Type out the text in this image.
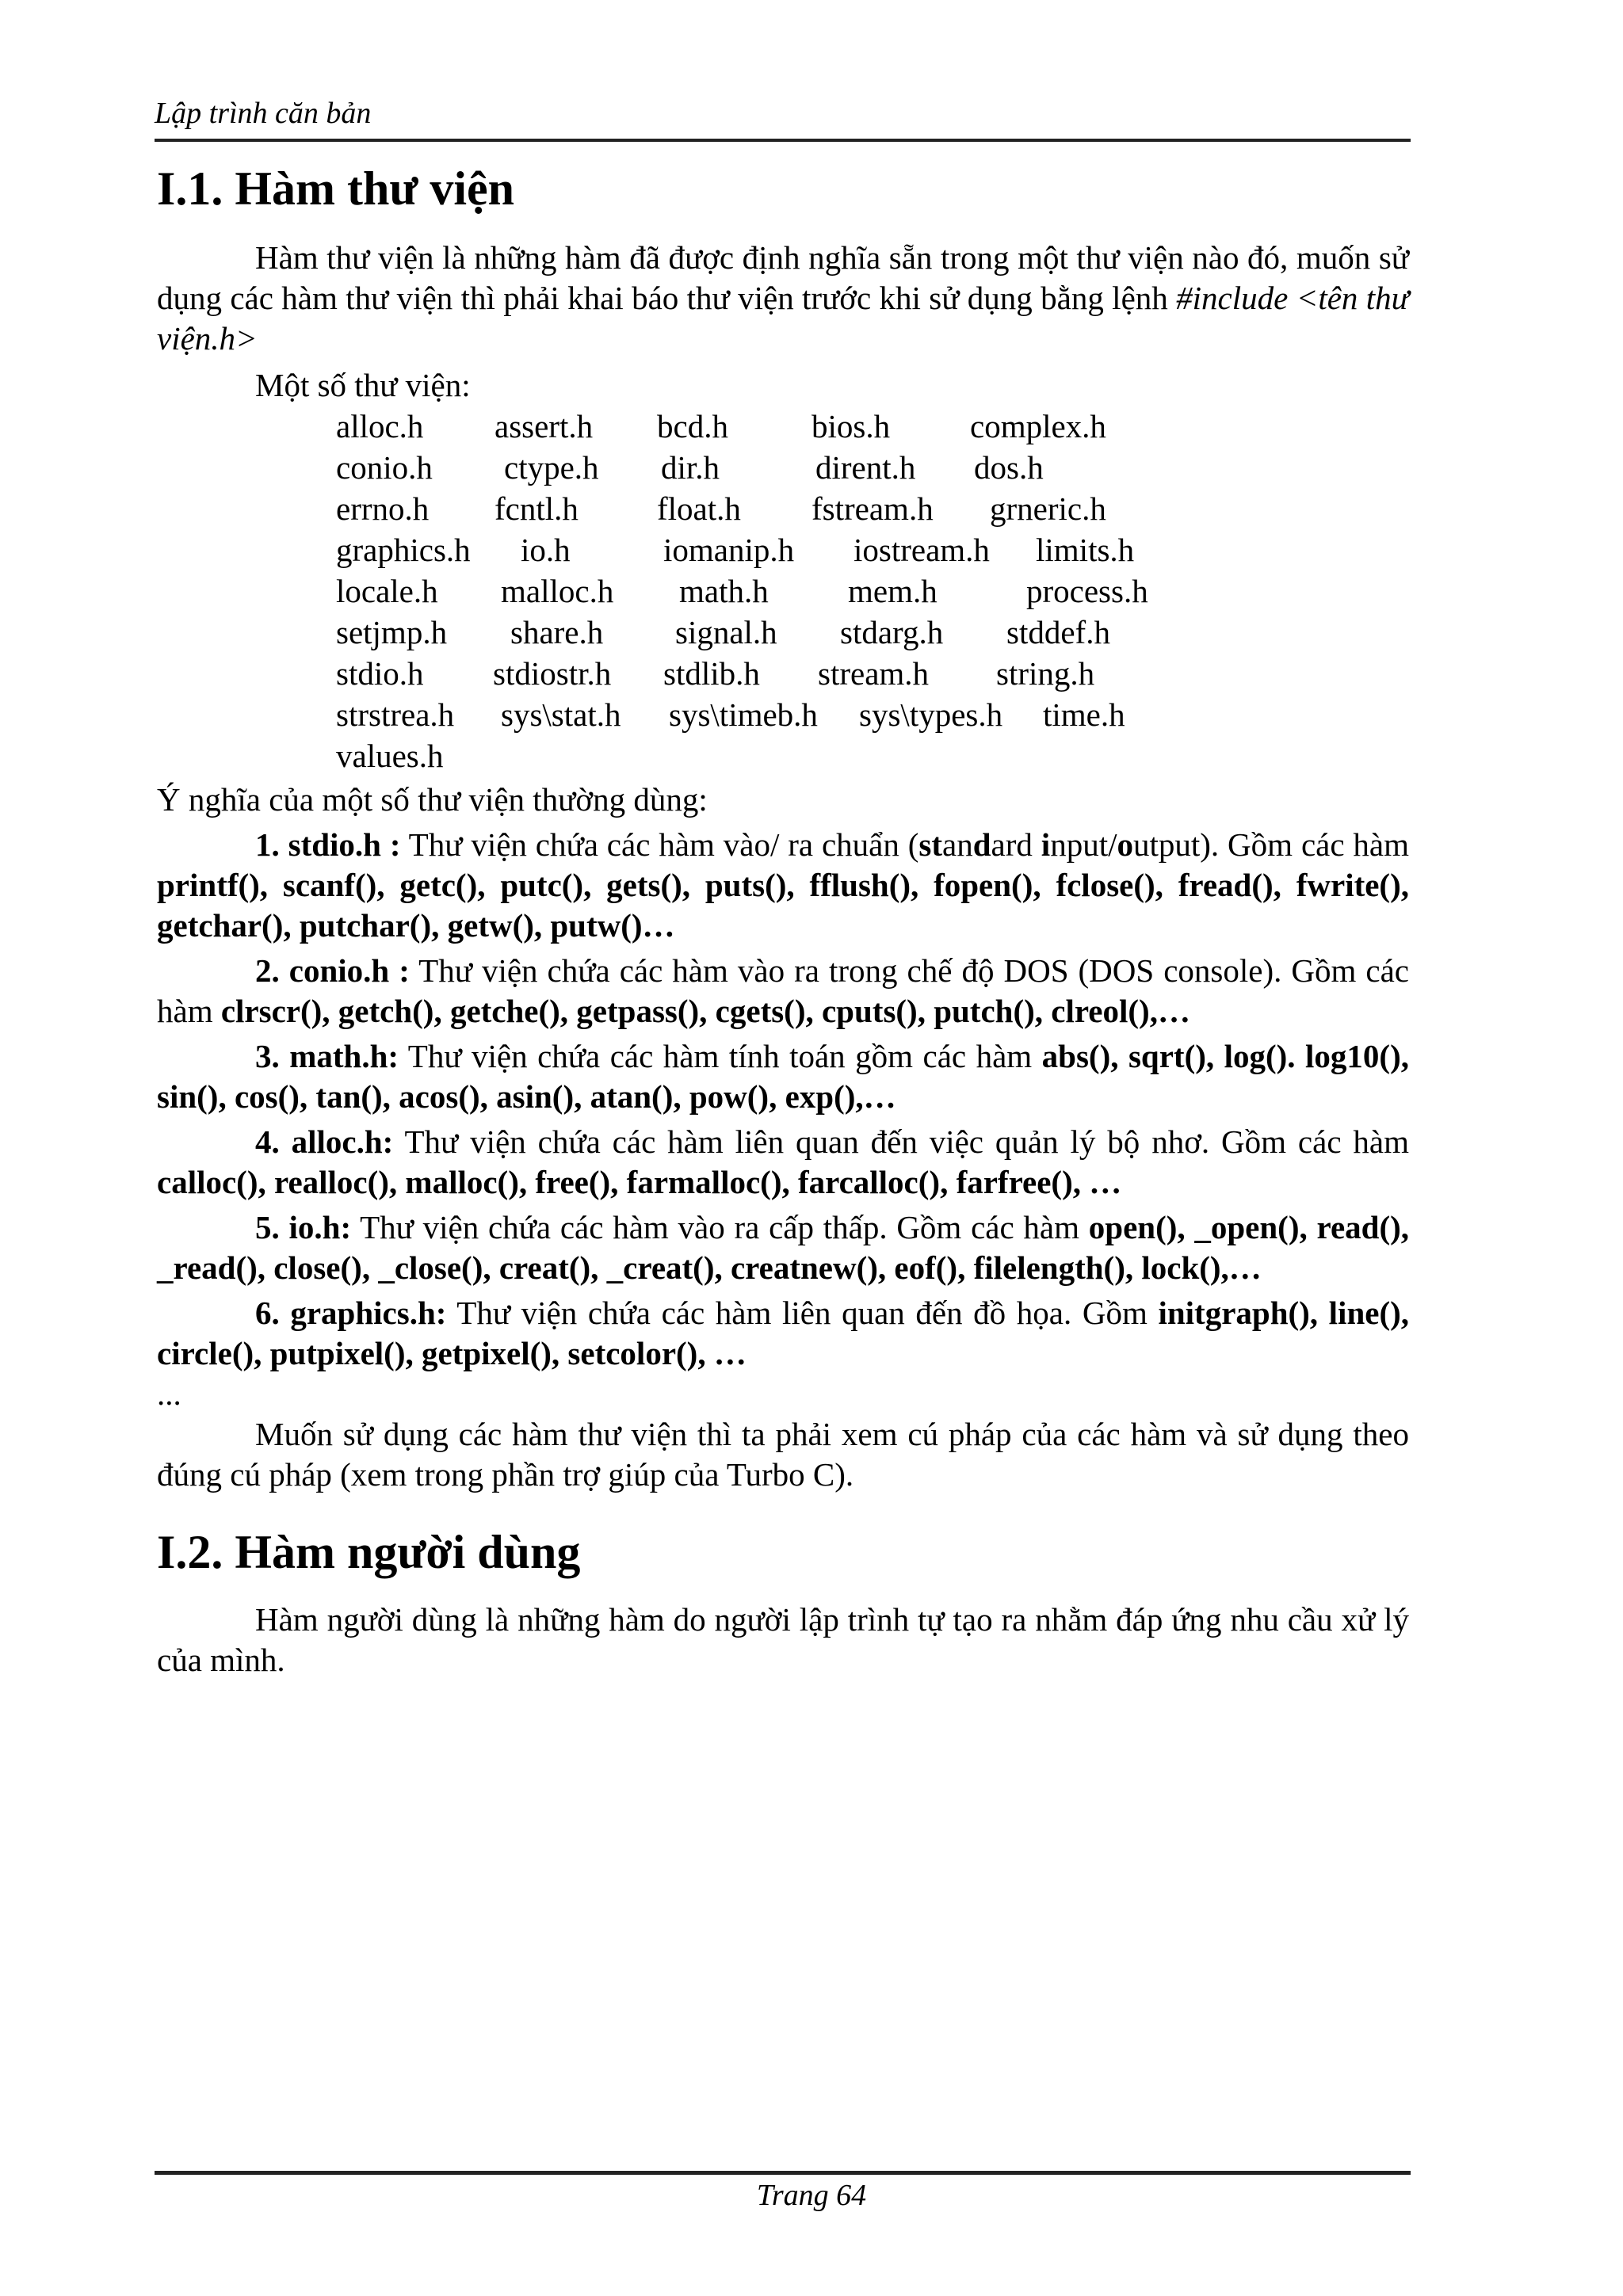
Lập trình căn bản
I.1. Hàm thư viện

Hàm thư viện là những hàm đã được định nghĩa sẵn trong một thư viện nào đó, muốn sử dụng các hàm thư viện thì phải khai báo thư viện trước khi sử dụng bằng lệnh #include <tên thư viện.h>

Một số thư viện:

alloc.h	assert.h	bcd.h	bios.h	complex.h
conio.h	ctype.h	dir.h	dirent.h	dos.h
errno.h	fcntl.h	float.h	fstream.h	grneric.h
graphics.h	io.h	iomanip.h	iostream.h	limits.h
locale.h	malloc.h	math.h	mem.h	process.h
setjmp.h	share.h	signal.h	stdarg.h	stddef.h
stdio.h	stdiostr.h	stdlib.h	stream.h	string.h
strstrea.h	sys\stat.h	sys\timeb.h	sys\types.h	time.h
values.h

Ý nghĩa của một số thư viện thường dùng:

1. stdio.h : Thư viện chứa các hàm vào/ ra chuẩn (standard input/output). Gồm các hàm printf(), scanf(), getc(), putc(), gets(), puts(), fflush(), fopen(), fclose(), fread(), fwrite(), getchar(), putchar(), getw(), putw()…

2. conio.h : Thư viện chứa các hàm vào ra trong chế độ DOS (DOS console). Gồm các hàm clrscr(), getch(), getche(), getpass(), cgets(), cputs(), putch(), clreol(),…

3. math.h: Thư viện chứa các hàm tính toán gồm các hàm abs(), sqrt(), log(). log10(), sin(), cos(), tan(), acos(), asin(), atan(), pow(), exp(),…

4. alloc.h: Thư viện chứa các hàm liên quan đến việc quản lý bộ nhơ. Gồm các hàm calloc(), realloc(), malloc(), free(), farmalloc(), farcalloc(), farfree(), …

5. io.h: Thư viện chứa các hàm vào ra cấp thấp. Gồm các hàm open(), _open(), read(), _read(), close(), _close(), creat(), _creat(), creatnew(), eof(), filelength(), lock(),…

6. graphics.h: Thư viện chứa các hàm liên quan đến đồ họa. Gồm initgraph(), line(), circle(), putpixel(), getpixel(), setcolor(), …

...

Muốn sử dụng các hàm thư viện thì ta phải xem cú pháp của các hàm và sử dụng theo đúng cú pháp (xem trong phần trợ giúp của Turbo C).

I.2. Hàm người dùng

Hàm người dùng là những hàm do người lập trình tự tạo ra nhằm đáp ứng nhu cầu xử lý của mình.

Trang 64
